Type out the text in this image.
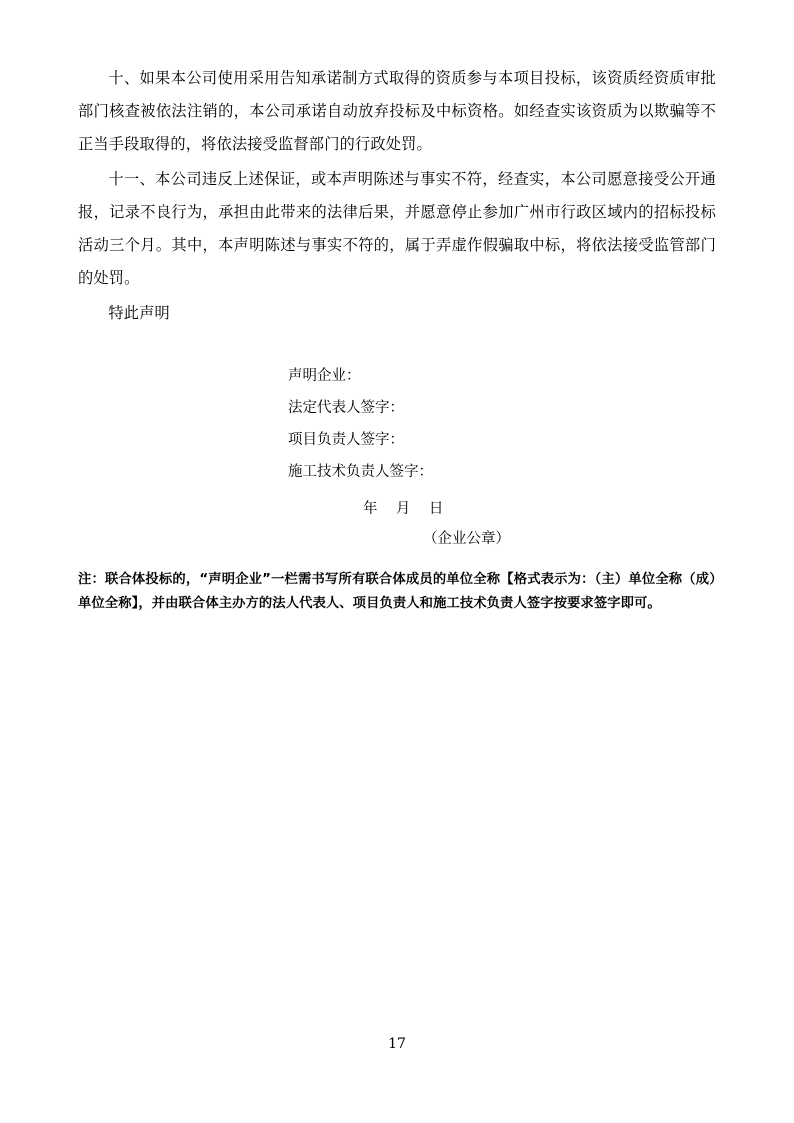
十、如果本公司使用采用告知承诺制方式取得的资质参与本项目投标，该资质经资质审批部门核查被依法注销的，本公司承诺自动放弃投标及中标资格。如经查实该资质为以欺骗等不正当手段取得的，将依法接受监督部门的行政处罚。

十一、本公司违反上述保证，或本声明陈述与事实不符，经查实，本公司愿意接受公开通报，记录不良行为，承担由此带来的法律后果，并愿意停止参加广州市行政区域内的招标投标活动三个月。其中，本声明陈述与事实不符的，属于弄虚作假骗取中标，将依法接受监管部门的处罚。

特此声明

声明企业：
法定代表人签字：
项目负责人签字：
施工技术负责人签字：
年    月    日
（企业公章）
注：联合体投标的，“声明企业”一栏需书写所有联合体成员的单位全称【格式表示为：（主）单位全称（成）单位全称】，并由联合体主办方的法人代表人、项目负责人和施工技术负责人签字按要求签字即可。
17
